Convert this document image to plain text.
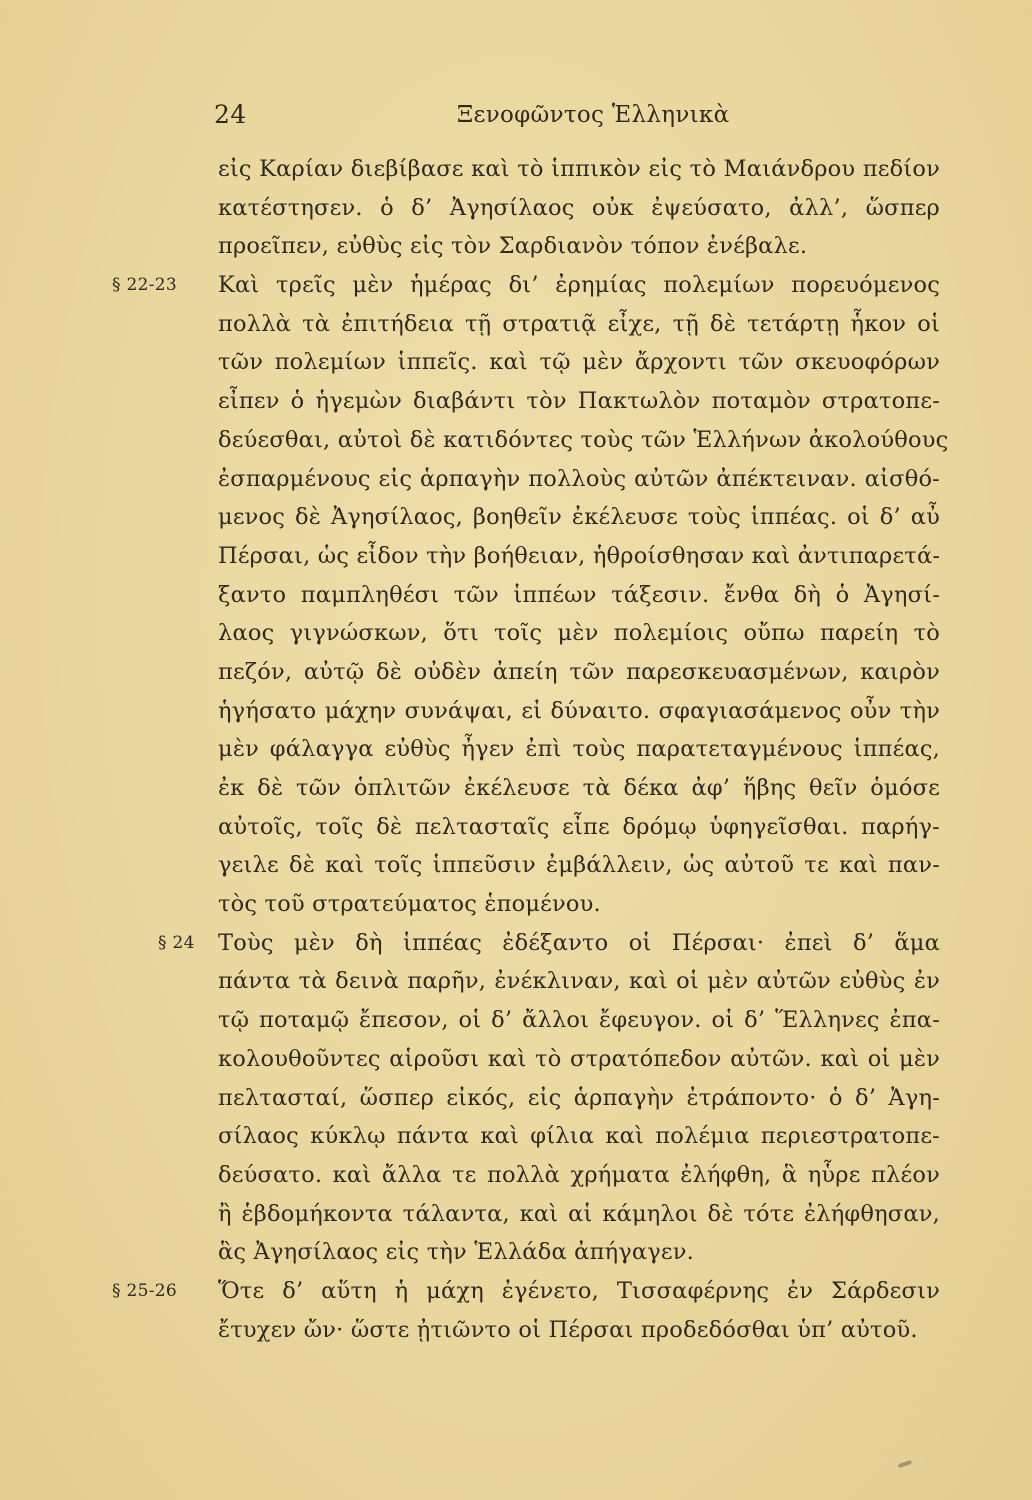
24	Ξενοφῶντος Ἑλληνικὰ
εἰς Καρίαν διεβίβασε καὶ τὸ ἱππικὸν εἰς τὸ Μαιάνδρου πεδίον
κατέστησεν. ὁ δ’ Ἀγησίλαος οὐκ ἐψεύσατο, ἀλλ’, ὥσπερ
προεῖπεν, εὐθὺς εἰς τὸν Σαρδιανὸν τόπον ἐνέβαλε.
§ 22-23 Καὶ τρεῖς μὲν ἡμέρας δι’ ἐρημίας πολεμίων πορευόμενος
πολλὰ τὰ ἐπιτήδεια τῇ στρατιᾷ εἶχε, τῇ δὲ τετάρτῃ ἧκον οἱ
τῶν πολεμίων ἱππεῖς. καὶ τῷ μὲν ἄρχοντι τῶν σκευοφόρων
εἶπεν ὁ ἡγεμὼν διαβάντι τὸν Πακτωλὸν ποταμὸν στρατοπε-
δεύεσθαι, αὐτοὶ δὲ κατιδόντες τοὺς τῶν Ἑλλήνων ἀκολούθους
ἐσπαρμένους εἰς ἁρπαγὴν πολλοὺς αὐτῶν ἀπέκτειναν. αἰσθό-
μενος δὲ Ἀγησίλαος, βοηθεῖν ἐκέλευσε τοὺς ἱππέας. οἱ δ’ αὖ
Πέρσαι, ὡς εἶδον τὴν βοήθειαν, ἡθροίσθησαν καὶ ἀντιπαρετά-
ξαντο παμπληθέσι τῶν ἱππέων τάξεσιν. ἔνθα δὴ ὁ Ἀγησί-
λαος γιγνώσκων, ὅτι τοῖς μὲν πολεμίοις οὔπω παρείη τὸ
πεζόν, αὐτῷ δὲ οὐδὲν ἀπείη τῶν παρεσκευασμένων, καιρὸν
ἡγήσατο μάχην συνάψαι, εἰ δύναιτο. σφαγιασάμενος οὖν τὴν
μὲν φάλαγγα εὐθὺς ἦγεν ἐπὶ τοὺς παρατεταγμένους ἱππέας,
ἐκ δὲ τῶν ὁπλιτῶν ἐκέλευσε τὰ δέκα ἀφ’ ἥβης θεῖν ὁμόσε
αὐτοῖς, τοῖς δὲ πελτασταῖς εἶπε δρόμῳ ὑφηγεῖσθαι. παρήγ-
γειλε δὲ καὶ τοῖς ἱππεῦσιν ἐμβάλλειν, ὡς αὐτοῦ τε καὶ παν-
τὸς τοῦ στρατεύματος ἑπομένου.
§ 24 Τοὺς μὲν δὴ ἱππέας ἐδέξαντο οἱ Πέρσαι· ἐπεὶ δ’ ἅμα
πάντα τὰ δεινὰ παρῆν, ἐνέκλιναν, καὶ οἱ μὲν αὐτῶν εὐθὺς ἐν
τῷ ποταμῷ ἔπεσον, οἱ δ’ ἄλλοι ἔφευγον. οἱ δ’ Ἕλληνες ἐπα-
κολουθοῦντες αἱροῦσι καὶ τὸ στρατόπεδον αὐτῶν. καὶ οἱ μὲν
πελτασταί, ὥσπερ εἰκός, εἰς ἁρπαγὴν ἐτράποντο· ὁ δ’ Ἀγη-
σίλαος κύκλῳ πάντα καὶ φίλια καὶ πολέμια περιεστρατοπε-
δεύσατο. καὶ ἄλλα τε πολλὰ χρήματα ἐλήφθη, ἃ ηὗρε πλέον
ἢ ἑβδομήκοντα τάλαντα, καὶ αἱ κάμηλοι δὲ τότε ἐλήφθησαν,
ἃς Ἀγησίλαος εἰς τὴν Ἑλλάδα ἀπήγαγεν.
§ 25-26 Ὅτε δ’ αὕτη ἡ μάχη ἐγένετο, Τισσαφέρνης ἐν Σάρδεσιν
ἔτυχεν ὤν· ὥστε ᾐτιῶντο οἱ Πέρσαι προδεδόσθαι ὑπ’ αὐτοῦ.
